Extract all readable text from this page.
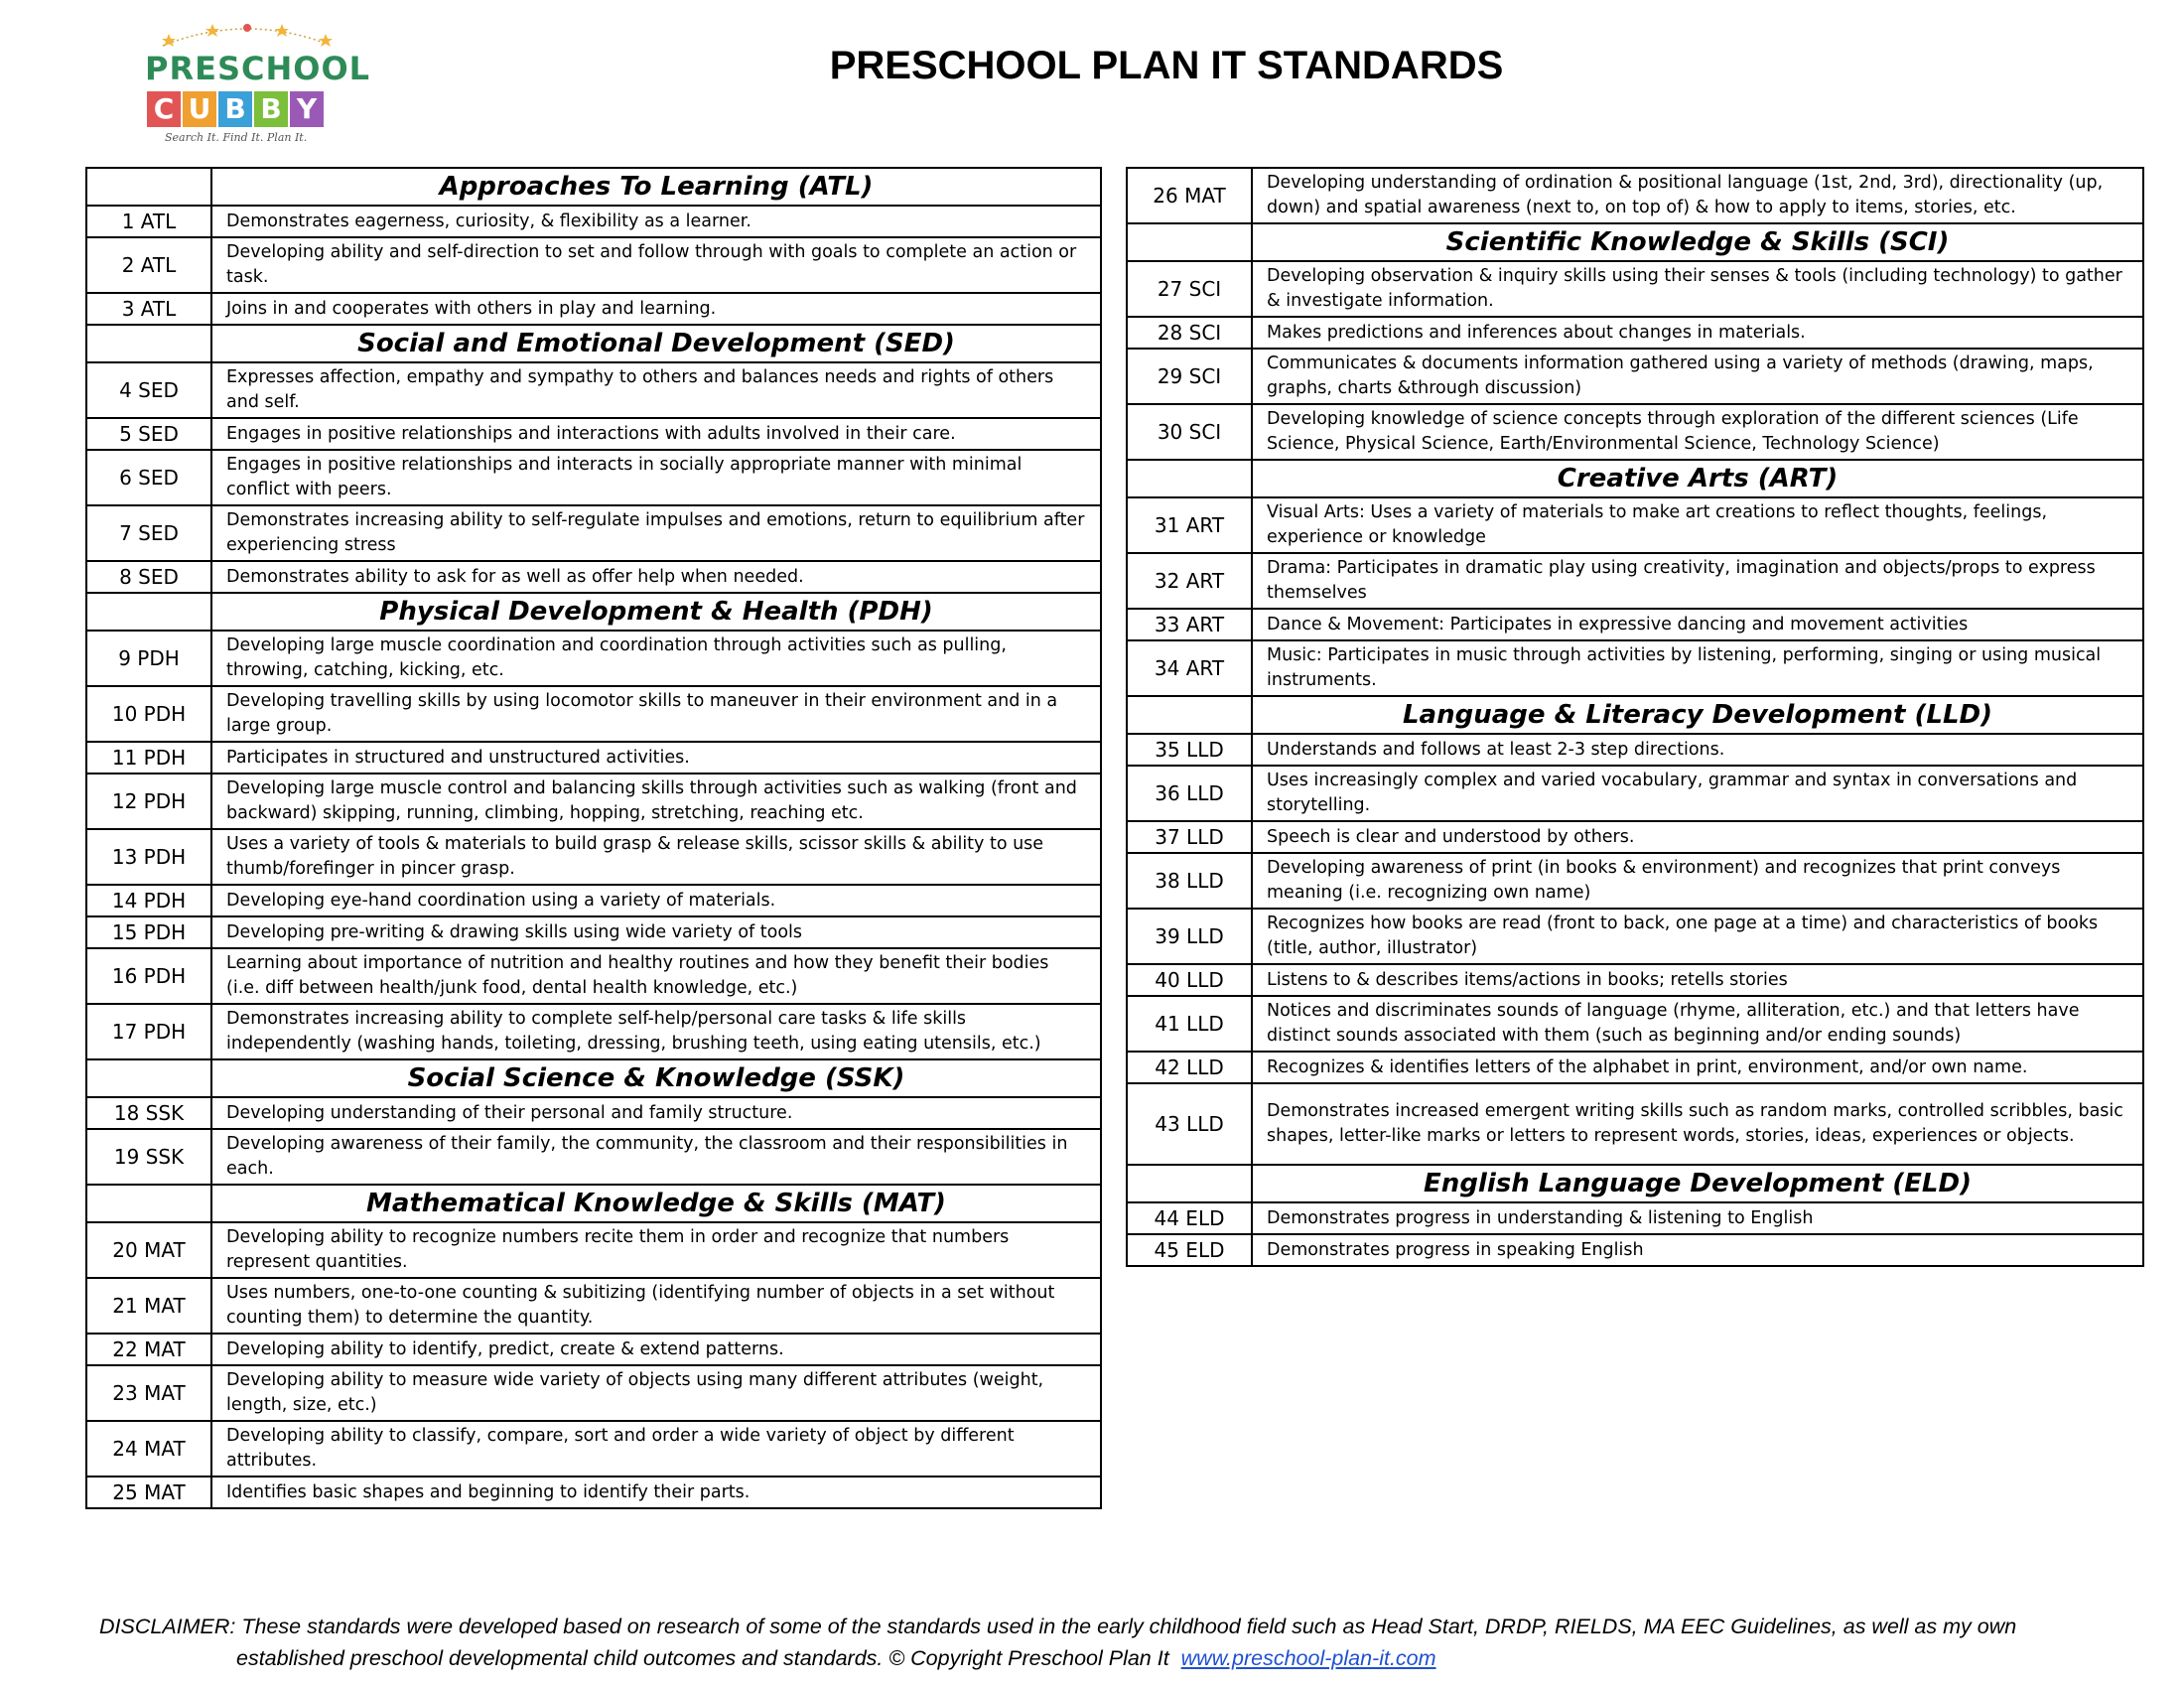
PRESCHOOL
C U B B Y
Search It. Find It. Plan It.
PRESCHOOL PLAN IT STANDARDS
	Approaches To Learning (ATL)
1 ATL	Demonstrates eagerness, curiosity, & flexibility as a learner.
2 ATL	Developing ability and self-direction to set and follow through with goals to complete an action or task.
3 ATL	Joins in and cooperates with others in play and learning.
	Social and Emotional Development (SED)
4 SED	Expresses affection, empathy and sympathy to others and balances needs and rights of others and self.
5 SED	Engages in positive relationships and interactions with adults involved in their care.
6 SED	Engages in positive relationships and interacts in socially appropriate manner with minimal conflict with peers.
7 SED	Demonstrates increasing ability to self-regulate impulses and emotions, return to equilibrium after experiencing stress
8 SED	Demonstrates ability to ask for as well as offer help when needed.
	Physical Development & Health (PDH)
9 PDH	Developing large muscle coordination and coordination through activities such as pulling, throwing, catching, kicking, etc.
10 PDH	Developing travelling skills by using locomotor skills to maneuver in their environment and in a large group.
11 PDH	Participates in structured and unstructured activities.
12 PDH	Developing large muscle control and balancing skills through activities such as walking (front and backward) skipping, running, climbing, hopping, stretching, reaching etc.
13 PDH	Uses a variety of tools & materials to build grasp & release skills, scissor skills & ability to use thumb/forefinger in pincer grasp.
14 PDH	Developing eye-hand coordination using a variety of materials.
15 PDH	Developing pre-writing & drawing skills using wide variety of tools
16 PDH	Learning about importance of nutrition and healthy routines and how they benefit their bodies (i.e. diff between health/junk food, dental health knowledge, etc.)
17 PDH	Demonstrates increasing ability to complete self-help/personal care tasks & life skills independently (washing hands, toileting, dressing, brushing teeth, using eating utensils, etc.)
	Social Science & Knowledge (SSK)
18 SSK	Developing understanding of their personal and family structure.
19 SSK	Developing awareness of their family, the community, the classroom and their responsibilities in each.
	Mathematical Knowledge & Skills (MAT)
20 MAT	Developing ability to recognize numbers recite them in order and recognize that numbers represent quantities.
21 MAT	Uses numbers, one-to-one counting & subitizing (identifying number of objects in a set without counting them) to determine the quantity.
22 MAT	Developing ability to identify, predict, create & extend patterns.
23 MAT	Developing ability to measure wide variety of objects using many different attributes (weight, length, size, etc.)
24 MAT	Developing ability to classify, compare, sort and order a wide variety of object by different attributes.
25 MAT	Identifies basic shapes and beginning to identify their parts.
26 MAT	Developing understanding of ordination & positional language (1st, 2nd, 3rd), directionality (up, down) and spatial awareness (next to, on top of) & how to apply to items, stories, etc.
	Scientific Knowledge & Skills (SCI)
27 SCI	Developing observation & inquiry skills using their senses & tools (including technology) to gather & investigate information.
28 SCI	Makes predictions and inferences about changes in materials.
29 SCI	Communicates & documents information gathered using a variety of methods (drawing, maps, graphs, charts &through discussion)
30 SCI	Developing knowledge of science concepts through exploration of the different sciences (Life Science, Physical Science, Earth/Environmental Science, Technology Science)
	Creative Arts (ART)
31 ART	Visual Arts: Uses a variety of materials to make art creations to reflect thoughts, feelings, experience or knowledge
32 ART	Drama: Participates in dramatic play using creativity, imagination and objects/props to express themselves
33 ART	Dance & Movement: Participates in expressive dancing and movement activities
34 ART	Music: Participates in music through activities by listening, performing, singing or using musical instruments.
	Language & Literacy Development (LLD)
35 LLD	Understands and follows at least 2-3 step directions.
36 LLD	Uses increasingly complex and varied vocabulary, grammar and syntax in conversations and storytelling.
37 LLD	Speech is clear and understood by others.
38 LLD	Developing awareness of print (in books & environment) and recognizes that print conveys meaning (i.e. recognizing own name)
39 LLD	Recognizes how books are read (front to back, one page at a time) and characteristics of books (title, author, illustrator)
40 LLD	Listens to & describes items/actions in books; retells stories
41 LLD	Notices and discriminates sounds of language (rhyme, alliteration, etc.) and that letters have distinct sounds associated with them (such as beginning and/or ending sounds)
42 LLD	Recognizes & identifies letters of the alphabet in print, environment, and/or own name.
43 LLD	Demonstrates increased emergent writing skills such as random marks, controlled scribbles, basic shapes, letter-like marks or letters to represent words, stories, ideas, experiences or objects.
	English Language Development (ELD)
44 ELD	Demonstrates progress in understanding & listening to English
45 ELD	Demonstrates progress in speaking English
DISCLAIMER: These standards were developed based on research of some of the standards used in the early childhood field such as Head Start, DRDP, RIELDS, MA EEC Guidelines, as well as my own
established preschool developmental child outcomes and standards. © Copyright Preschool Plan It www.preschool-plan-it.com
